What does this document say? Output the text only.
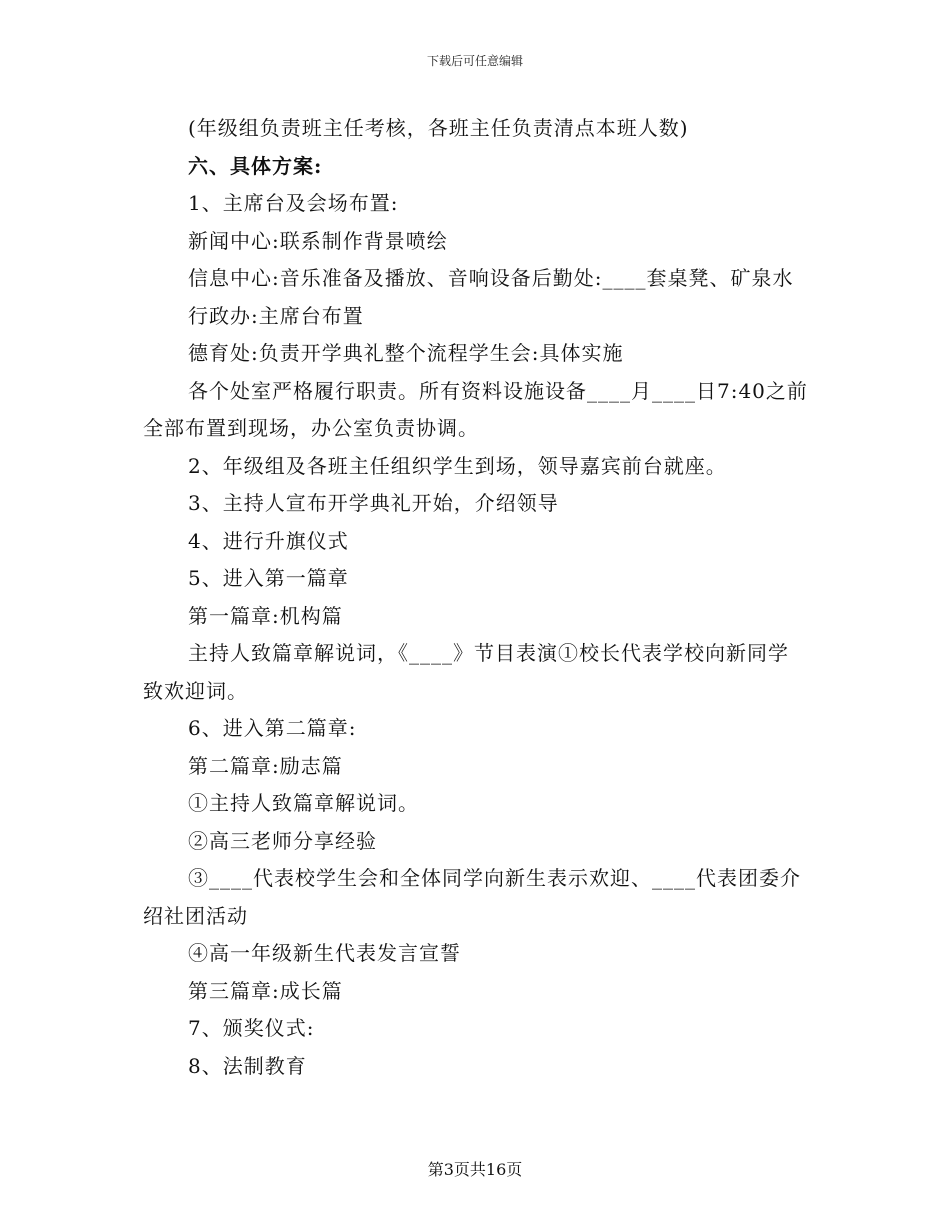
下载后可任意编辑

(年级组负责班主任考核，各班主任负责清点本班人数)

六、具体方案:

1、主席台及会场布置:

新闻中心:联系制作背景喷绘

信息中心:音乐准备及播放、音响设备后勤处:____套桌凳、矿泉水

行政办:主席台布置

德育处:负责开学典礼整个流程学生会:具体实施

各个处室严格履行职责。所有资料设施设备____月____日7:40之前全部布置到现场，办公室负责协调。

2、年级组及各班主任组织学生到场，领导嘉宾前台就座。

3、主持人宣布开学典礼开始，介绍领导

4、进行升旗仪式

5、进入第一篇章

第一篇章:机构篇

主持人致篇章解说词，《____》节目表演①校长代表学校向新同学致欢迎词。

6、进入第二篇章:

第二篇章:励志篇

①主持人致篇章解说词。

②高三老师分享经验

③____代表校学生会和全体同学向新生表示欢迎、____代表团委介绍社团活动

④高一年级新生代表发言宣誓

第三篇章:成长篇

7、颁奖仪式:

8、法制教育

第3页共16页
